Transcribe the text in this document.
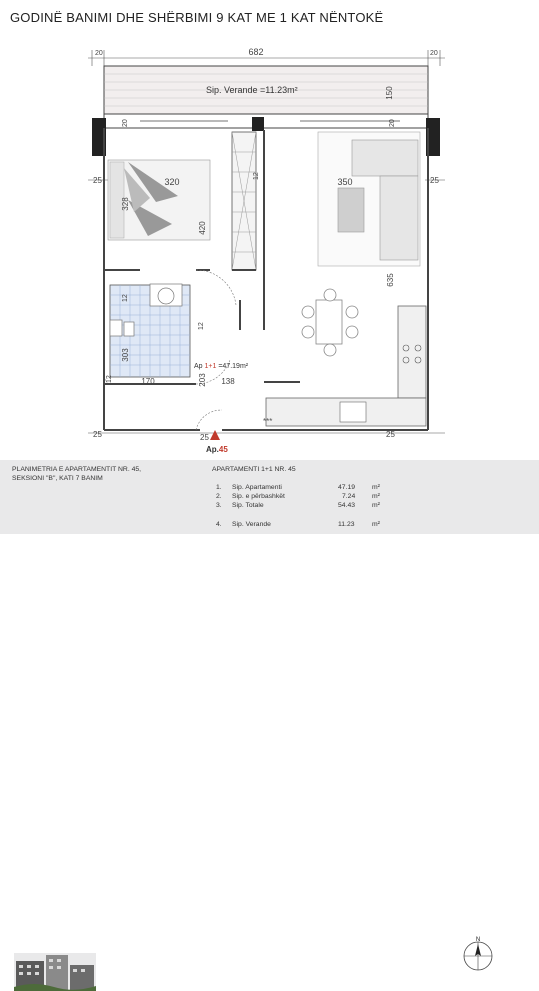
GODINË BANIMI DHE SHËRBIMI 9 KAT ME 1 KAT NËNTOKË
682
20	20
150
20	20
25	25
320	350
12
328
420
635
12
12
303
12	170	203 138
25	25	25
Sip. Verande =11.23m²
Ap 1+1 =47.19m²
***
Ap.45
PLANIMETRIA E APARTAMENTIT NR. 45,
SEKSIONI "B", KATI 7 BANIM
APARTAMENTI 1+1 NR. 45
1. Sip. Apartamenti	47.19 m²
2. Sip. e përbashkët	7.24 m²
3. Sip. Totale	54.43 m²
4. Sip. Verande	11.23	m²
N
